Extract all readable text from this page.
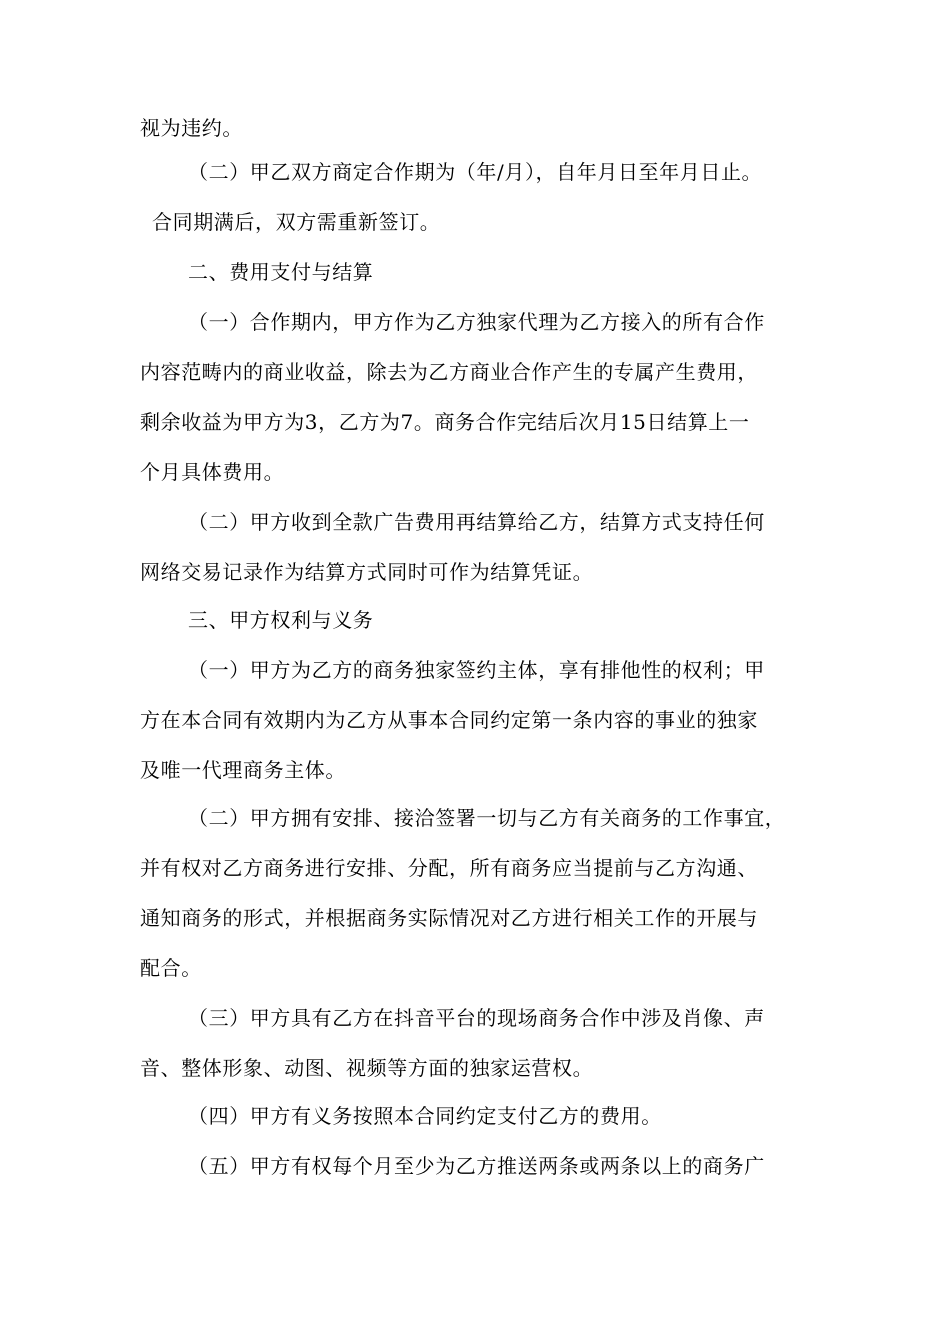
视为违约。
（二）甲乙双方商定合作期为（年/月），自年月日至年月日止。
合同期满后，双方需重新签订。
二、费用支付与结算
（一）合作期内，甲方作为乙方独家代理为乙方接入的所有合作
内容范畴内的商业收益，除去为乙方商业合作产生的专属产生费用，
剩余收益为甲方为3，乙方为7。商务合作完结后次月15日结算上一
个月具体费用。
（二）甲方收到全款广告费用再结算给乙方，结算方式支持任何
网络交易记录作为结算方式同时可作为结算凭证。
三、甲方权利与义务
（一）甲方为乙方的商务独家签约主体，享有排他性的权利；甲
方在本合同有效期内为乙方从事本合同约定第一条内容的事业的独家
及唯一代理商务主体。
（二）甲方拥有安排、接洽签署一切与乙方有关商务的工作事宜，
并有权对乙方商务进行安排、分配，所有商务应当提前与乙方沟通、
通知商务的形式，并根据商务实际情况对乙方进行相关工作的开展与
配合。
（三）甲方具有乙方在抖音平台的现场商务合作中涉及肖像、声
音、整体形象、动图、视频等方面的独家运营权。
（四）甲方有义务按照本合同约定支付乙方的费用。
（五）甲方有权每个月至少为乙方推送两条或两条以上的商务广
